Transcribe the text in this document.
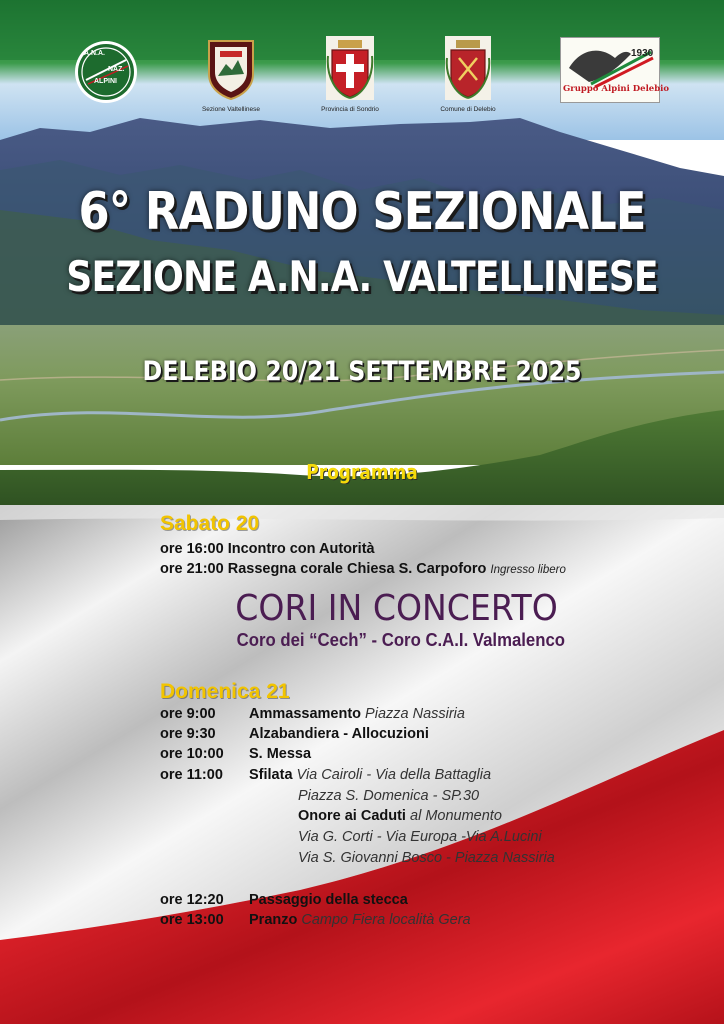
A.N.A.
NAZ.
ALPINI
Sezione Valtellinese	Provincia di Sondrio	Comune di Delebio
1930
Gruppo Alpini Delebio
6° RADUNO SEZIONALE
SEZIONE A.N.A. VALTELLINESE
DELEBIO 20/21 SETTEMBRE 2025
Programma
Sabato 20
ore 16:00 Incontro con Autorità
ore 21:00 Rassegna corale Chiesa S. Carpoforo Ingresso libero
CORI IN CONCERTO
Coro dei “Cech” - Coro C.A.I. Valmalenco
Domenica 21
ore 9:00 Ammassamento Piazza Nassiria
ore 9:30 Alzabandiera - Allocuzioni
ore 10:00 S. Messa
ore 11:00 Sfilata Via Cairoli - Via della Battaglia
Piazza S. Domenica - SP.30
Onore ai Caduti al Monumento
Via G. Corti - Via Europa -Via A.Lucini
Via S. Giovanni Bosco - Piazza Nassiria
ore 12:20 Passaggio della stecca
ore 13:00 Pranzo Campo Fiera località Gera
